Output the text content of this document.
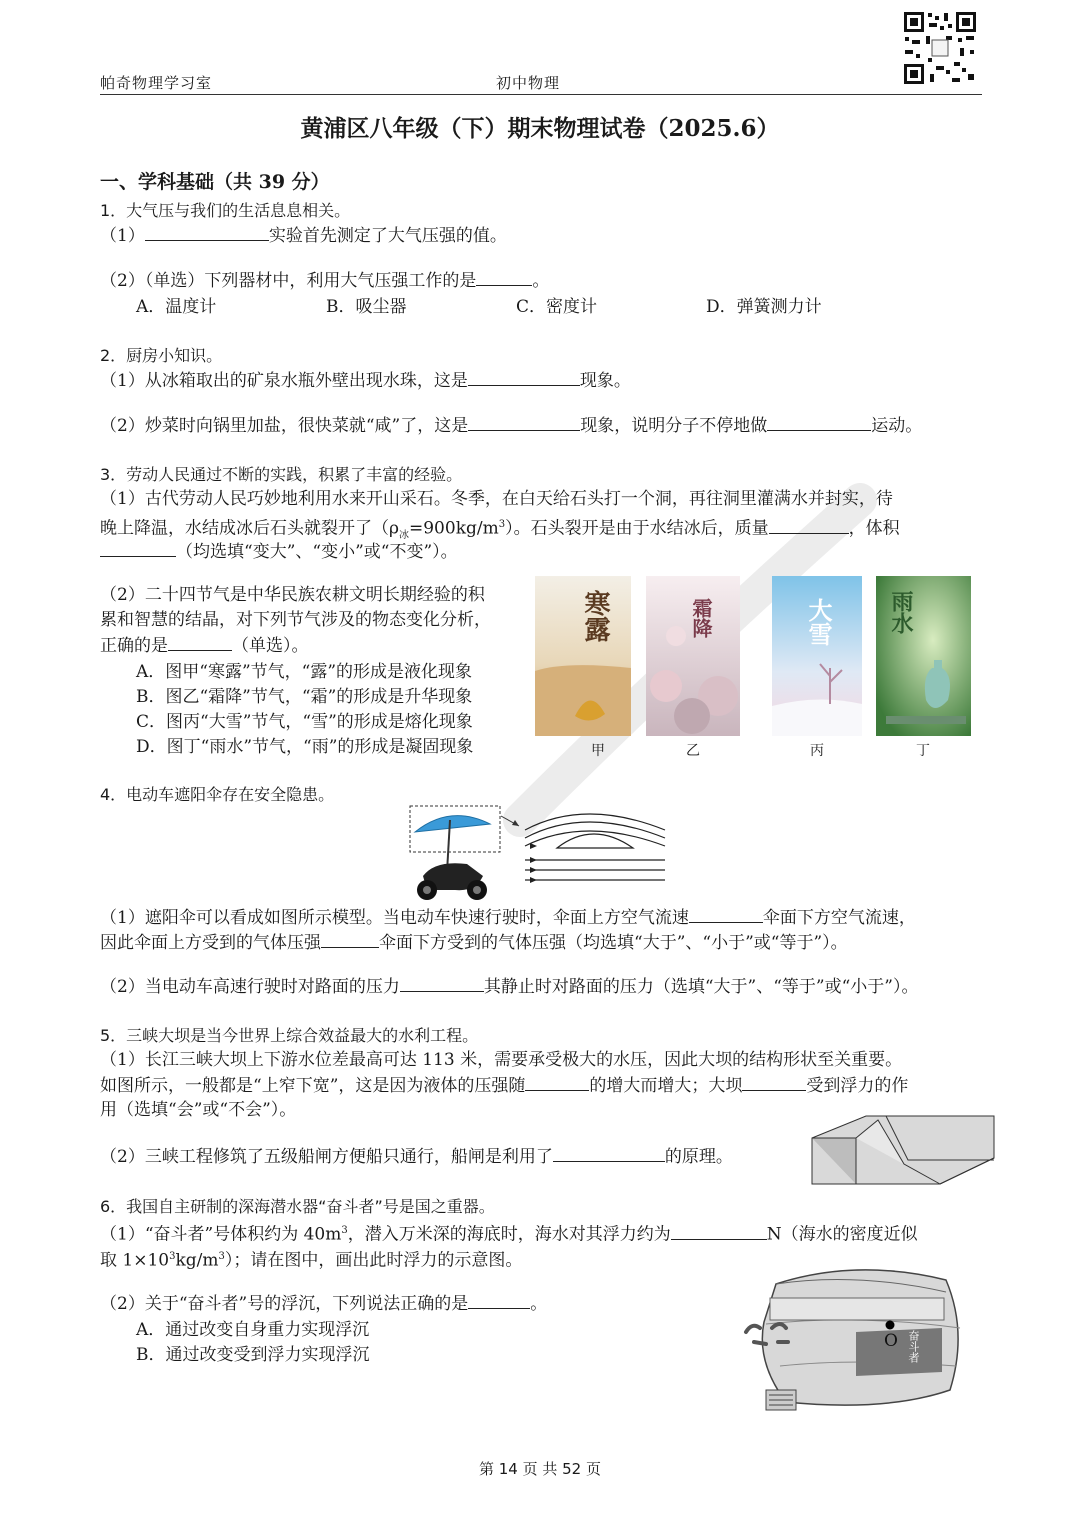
帕奇物理学习室	初中物理
黄浦区八年级（下）期末物理试卷（2025.6）
一、学科基础（共 39 分）
1．大气压与我们的生活息息相关。
（1）	实验首先测定了大气压强的值。
（2）（单选）下列器材中，利用大气压强工作的是	。
A．温度计	B．吸尘器	C．密度计	D．弹簧测力计
2．厨房小知识。
（1）从冰箱取出的矿泉水瓶外壁出现水珠，这是	现象。
（2）炒菜时向锅里加盐，很快菜就“咸”了，这是	现象，说明分子不停地做	运动。
3．劳动人民通过不断的实践，积累了丰富的经验。
（1）古代劳动人民巧妙地利用水来开山采石。冬季，在白天给石头打一个洞，再往洞里灌满水并封实，待
晚上降温，水结成冰后石头就裂开了$(\rho_冰=900kg/m^3)$。石头裂开是由于水结冰后，质量	，体积
（均选填“变大”、“变小”或“不变”）。
（2）二十四节气是中华民族农耕文明长期经验的积
累和智慧的结晶，对下列节气涉及的物态变化分析，
正确的是	（单选）。
A．图甲“寒露”节气，“露”的形成是液化现象
B．图乙“霜降”节气，“霜”的形成是升华现象
C．图丙“大雪”节气，“雪”的形成是熔化现象
D．图丁“雨水”节气，“雨”的形成是凝固现象
寒露	霜降	大雪	雨水
甲	乙	丙	丁
4．电动车遮阳伞存在安全隐患。
（1）遮阳伞可以看成如图所示模型。当电动车快速行驶时，伞面上方空气流速	伞面下方空气流速，
因此伞面上方受到的气体压强	伞面下方受到的气体压强（均选填“大于”、“小于”或“等于”）。
（2）当电动车高速行驶时对路面的压力	其静止时对路面的压力（选填“大于”、“等于”或“小于”）。
5．三峡大坝是当今世界上综合效益最大的水利工程。
（1）长江三峡大坝上下游水位差最高可达 113 米，需要承受极大的水压，因此大坝的结构形状至关重要。
如图所示，一般都是“上窄下宽”，这是因为液体的压强随	的增大而增大；大坝	受到浮力的作
用（选填“会”或“不会”）。
（2）三峡工程修筑了五级船闸方便船只通行，船闸是利用了	的原理。
6．我国自主研制的深海潜水器“奋斗者”号是国之重器。
（1）“奋斗者”号体积约为 $40m^3$，潜入万米深的海底时，海水对其浮力约为	N（海水的密度近似
取 $1\times 10^3kg/m^3$）；请在图中，画出此时浮力的示意图。
（2）关于“奋斗者”号的浮沉，下列说法正确的是	。
A．通过改变自身重力实现浮沉
B．通过改变受到浮力实现浮沉
O 奋斗者
第 14 页 共 52 页
